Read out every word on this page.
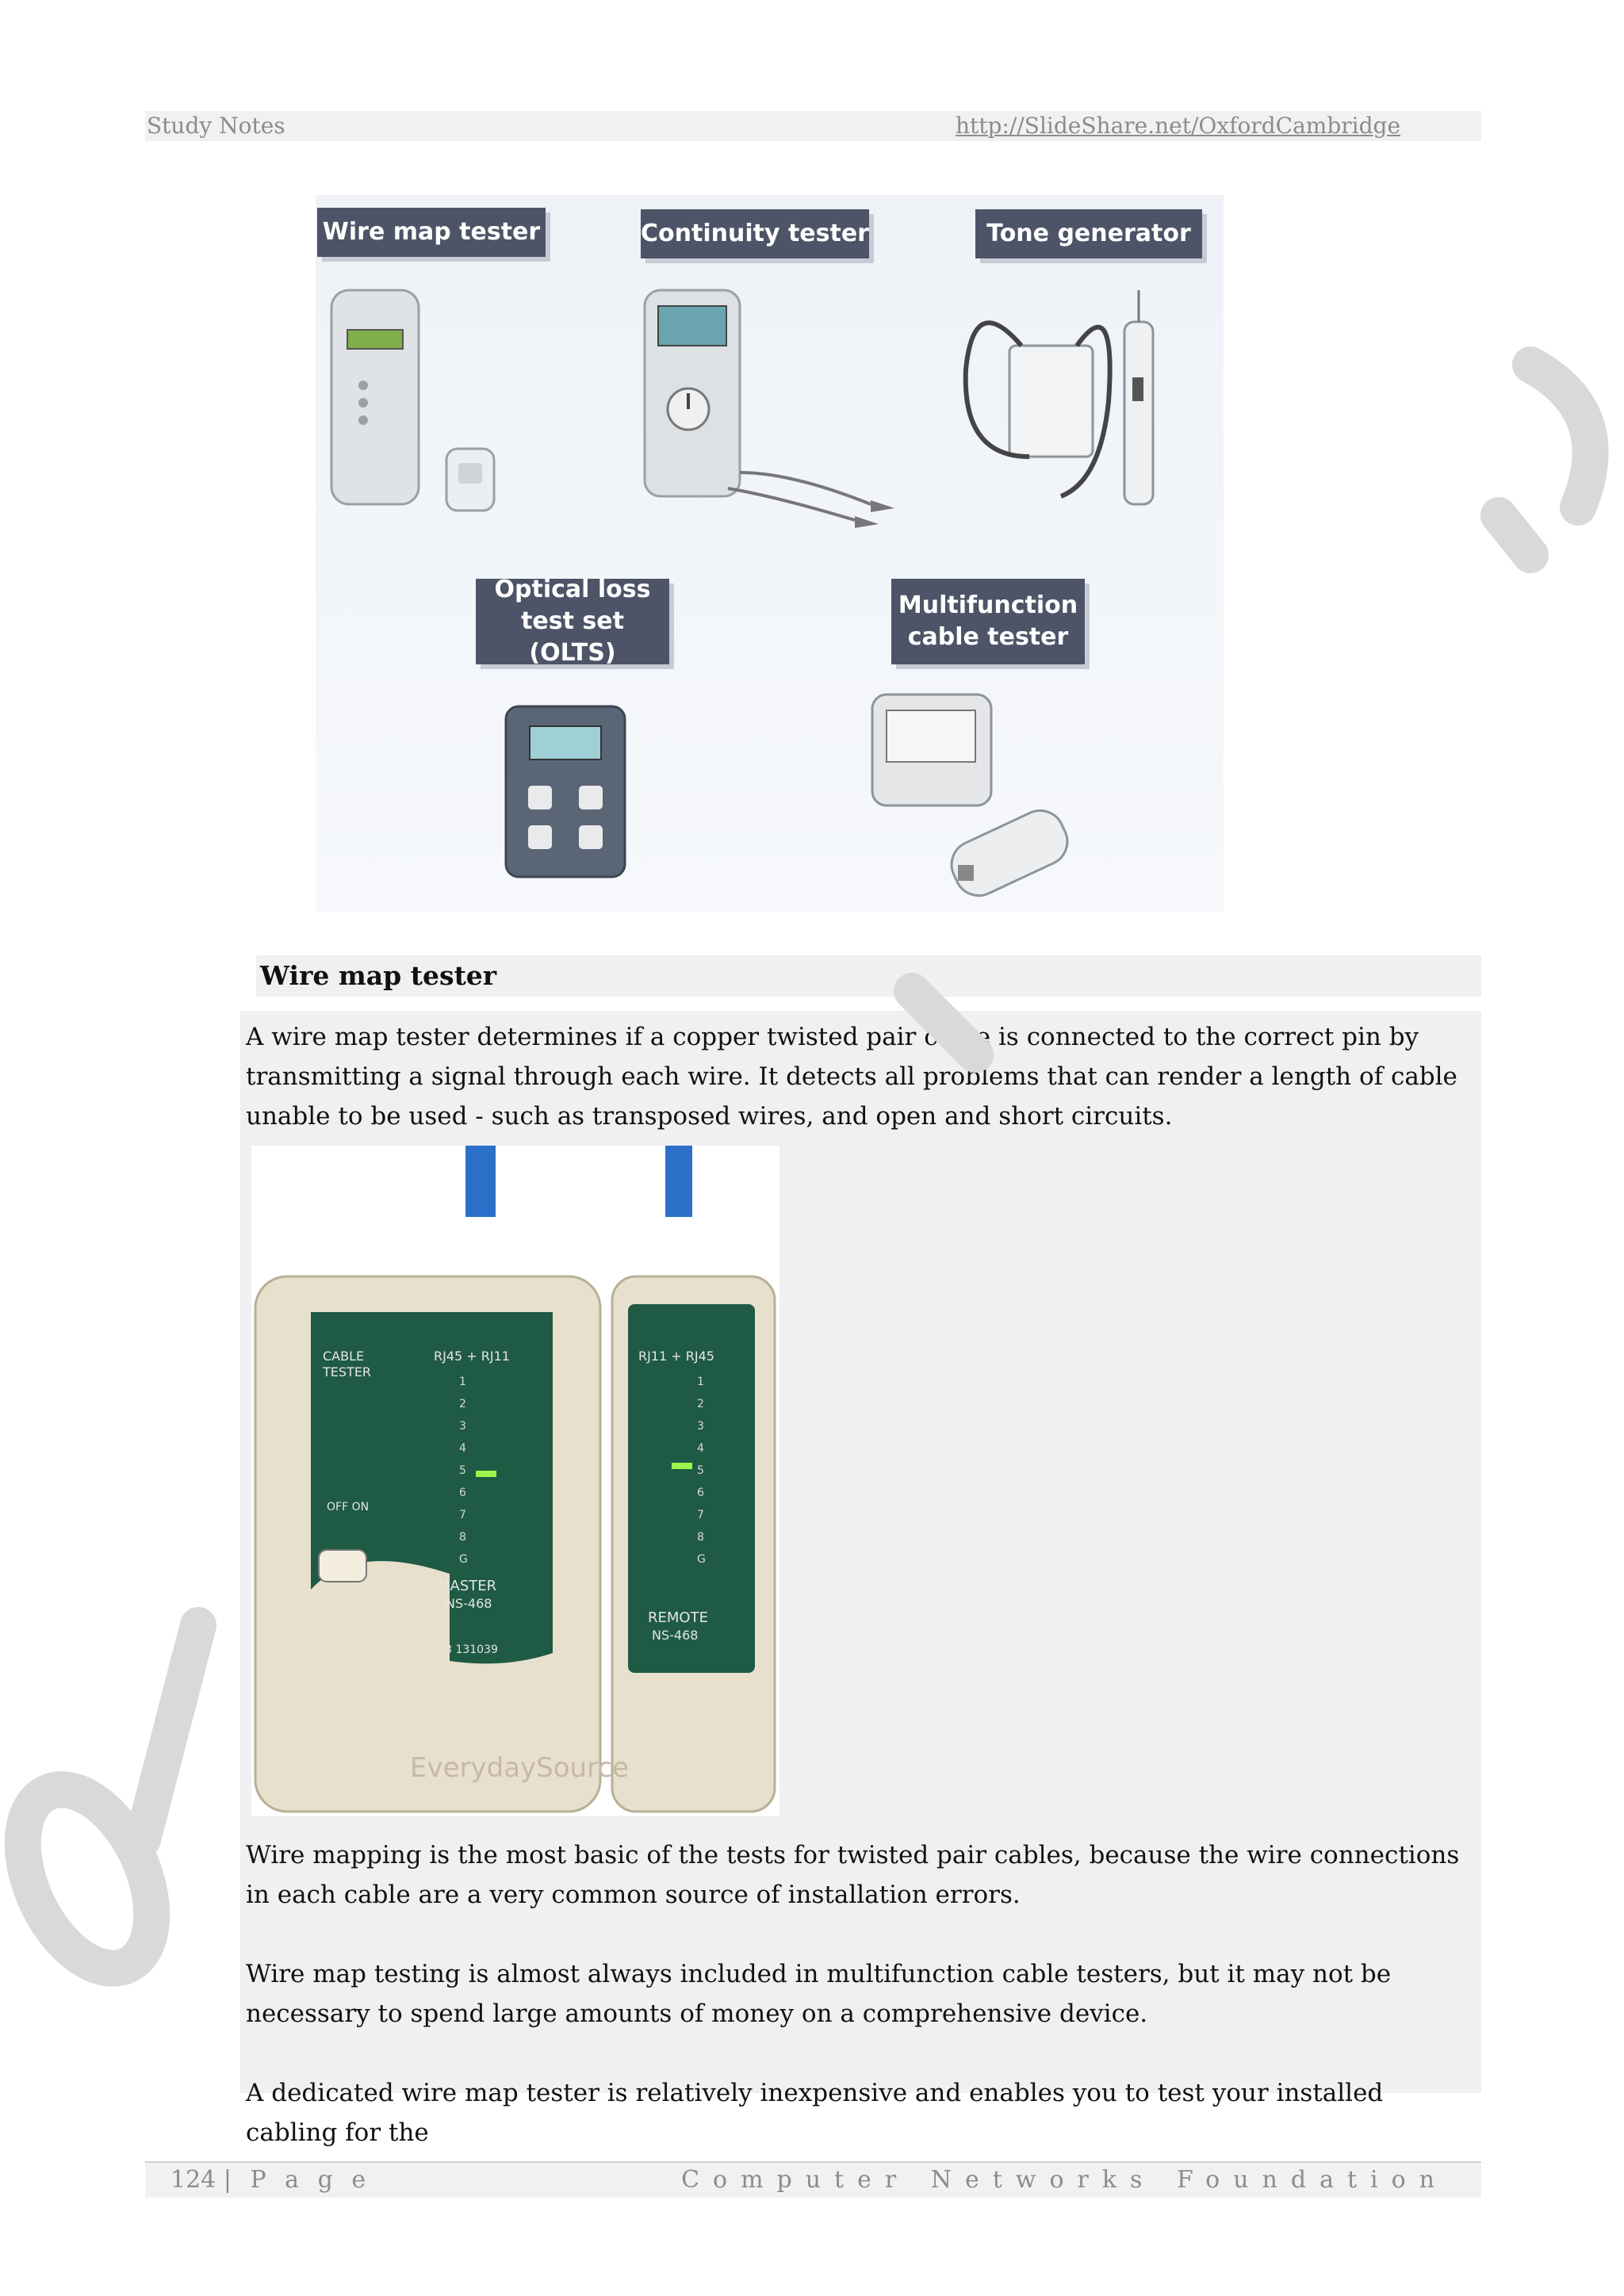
Study Notes	http://SlideShare.net/OxfordCambridge
Wire map tester	Continuity tester	Tone generator
Optical loss
test set (OLTS)
Multifunction
cable tester
Wire map tester
A wire map tester determines if a copper twisted pair cable is connected to the correct pin by transmitting a signal through each wire. It detects all problems that can render a length of cable unable to be used - such as transposed wires, and open and short circuits.
RJ45 + RJ11	RJ11 + RJ45
CABLE TESTER
OFF ON
MASTER
NS-468
ZL 02 3 131039
REMOTE
NS-468
EverydaySource
1
2
3
4
5
6
7
8
G
1
2
3
4
5
6
7
8
G
Wire mapping is the most basic of the tests for twisted pair cables, because the wire connections in each cable are a very common source of installation errors.
Wire map testing is almost always included in multifunction cable testers, but it may not be necessary to spend large amounts of money on a comprehensive device.
A dedicated wire map tester is relatively inexpensive and enables you to test your installed cabling for the
124 | P a g e	Computer Networks Foundation
